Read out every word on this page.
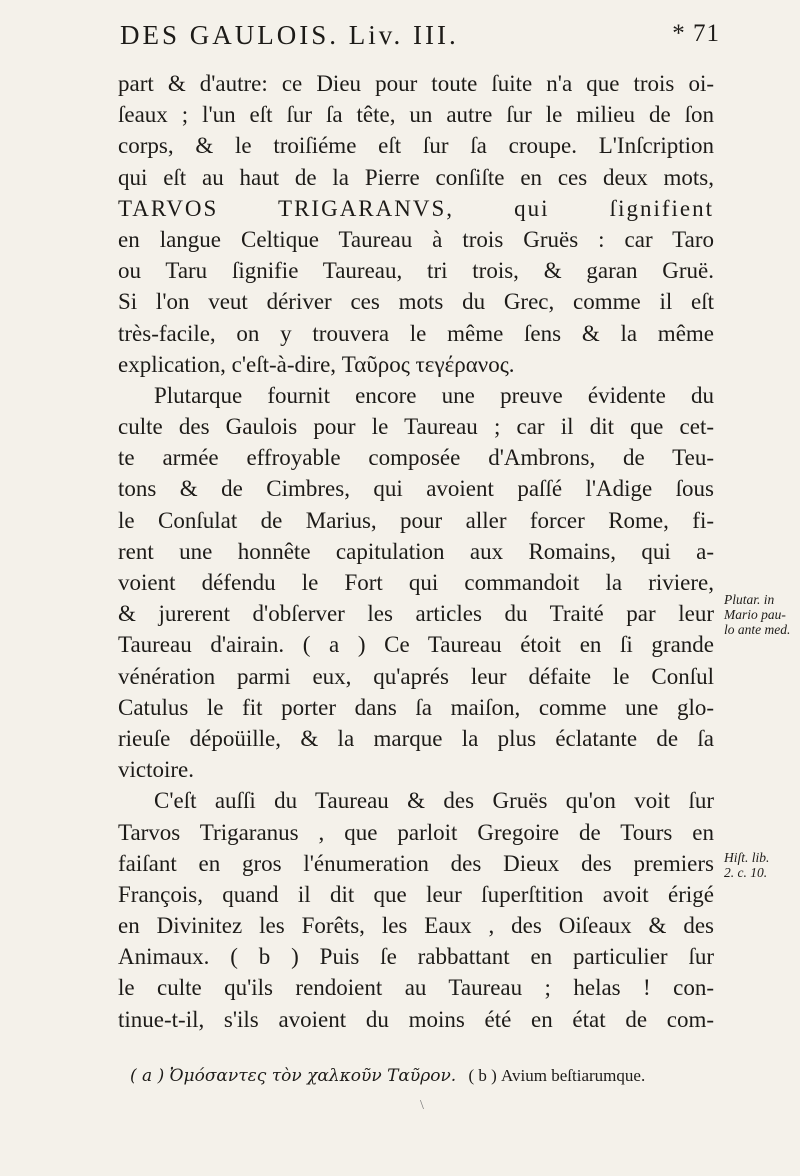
DES GAULOIS. Liv. III.	* 71
part & d'autre: ce Dieu pour toute ſuite n'a que trois oi-
ſeaux ; l'un eſt ſur ſa tête, un autre ſur le milieu de ſon
corps, & le troiſiéme eſt ſur ſa croupe. L'Inſcription
qui eſt au haut de la Pierre conſiſte en ces deux mots,
TARVOS TRIGARANVS, qui ſignifient
en langue Celtique Taureau à trois Gruës : car Taro
ou Taru ſignifie Taureau, tri trois, & garan Gruë.
Si l'on veut dériver ces mots du Grec, comme il eſt
très-facile, on y trouvera le même ſens & la même
explication, c'eſt-à-dire, Ταῦρος τεγέρανος.
Plutarque fournit encore une preuve évidente du
culte des Gaulois pour le Taureau ; car il dit que cet-
te armée effroyable composée d'Ambrons, de Teu-
tons & de Cimbres, qui avoient paſſé l'Adige ſous
le Conſulat de Marius, pour aller forcer Rome, fi-
rent une honnête capitulation aux Romains, qui a-
voient défendu le Fort qui commandoit la riviere,
& jurerent d'obſerver les articles du Traité par leur
Taureau d'airain. ( a ) Ce Taureau étoit en ſi grande
vénération parmi eux, qu'aprés leur défaite le Conſul
Catulus le fit porter dans ſa maiſon, comme une glo-
rieuſe dépoüille, & la marque la plus éclatante de ſa
victoire.
C'eſt auſſi du Taureau & des Gruës qu'on voit ſur
Tarvos Trigaranus , que parloit Gregoire de Tours en
faiſant en gros l'énumeration des Dieux des premiers
François, quand il dit que leur ſuperſtition avoit érigé
en Divinitez les Forêts, les Eaux , des Oiſeaux & des
Animaux. ( b ) Puis ſe rabbattant en particulier ſur
le culte qu'ils rendoient au Taureau ; helas ! con-
tinue-t-il, s'ils avoient du moins été en état de com-
Plutar. in
Mario pau-
lo ante med.
Hiſt. lib.
2. c. 10.
( a ) Ὀμόσαντες τὸν χαλκοῦν Ταῦρον. ( b ) Avium beſtiarumque.
\
